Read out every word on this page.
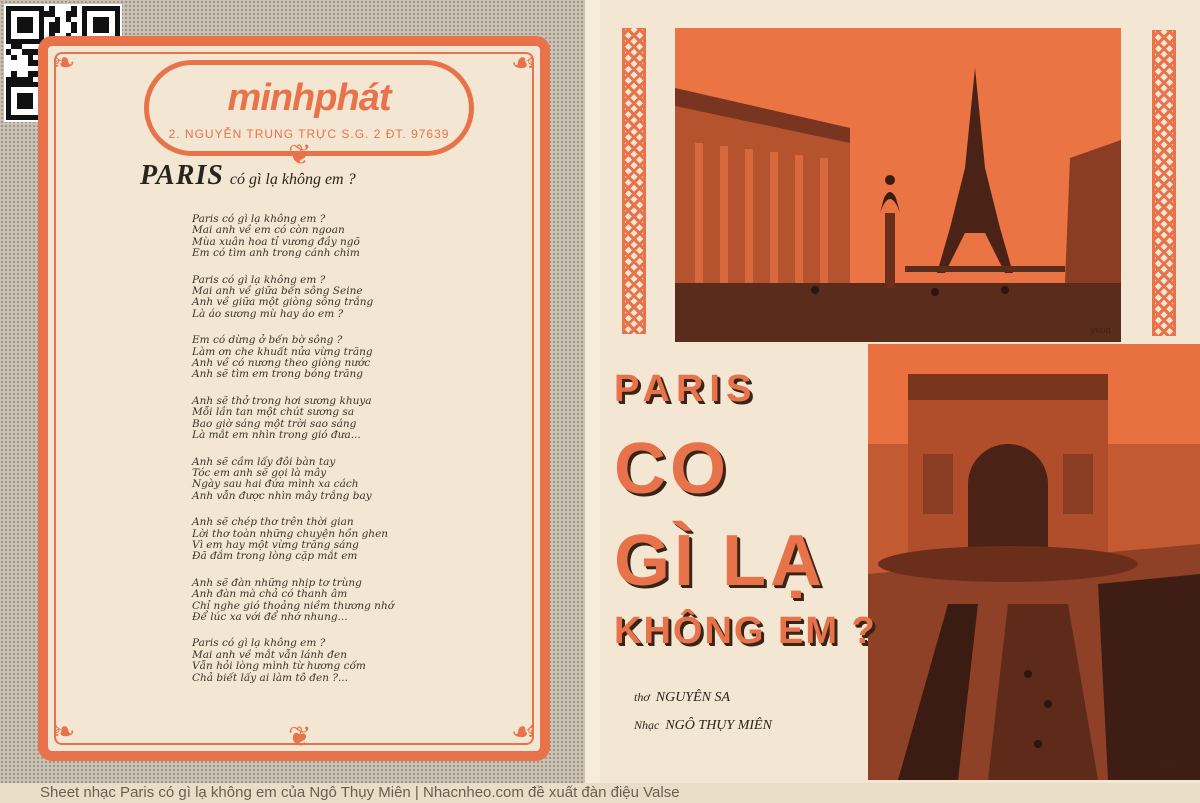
minhphát
2. NGUYỄN TRUNG TRỰC S.G. 2 ĐT. 97639
❦
❦
❧	☙
❧	☙
PARIS có gì lạ không em ?
Paris có gì lạ không em ?
Mai anh về em có còn ngoan
Mùa xuân hoa tỉ vương đầy ngõ
Em có tìm anh trong cánh chim
Paris có gì lạ không em ?
Mai anh về giữa bến sông Seine
Anh về giữa một giòng sông trắng
Là áo sương mù hay áo em ?
Em có dừng ở bến bờ sông ?
Làm ơn che khuất nửa vừng trăng
Anh về có nương theo giòng nước
Anh sẽ tìm em trong bóng trăng
Anh sẽ thở trong hơi sương khuya
Mỗi lần tan một chút sương sa
Bao giờ sáng một trời sao sáng
Là mắt em nhìn trong gió đưa...
Anh sẽ cầm lấy đôi bàn tay
Tóc em anh sẽ gọi là mây
Ngày sau hai đứa mình xa cách
Anh vẫn được nhìn mây trắng bay
Anh sẽ chép thơ trên thời gian
Lời thơ toàn những chuyện hồn ghen
Vì em hay một vừng trăng sáng
Đã đắm trong lòng cặp mắt em
Anh sẽ đàn những nhịp tơ trùng
Anh đàn mà chả có thanh âm
Chỉ nghe gió thoảng niềm thương nhớ
Để lúc xa với để nhớ nhung...
Paris có gì lạ không em ?
Mai anh về mắt vẫn lánh đen
Vẫn hỏi lòng mình từ hương cốm
Chả biết lấy ai làm tô đen ?...
yvon
yvon
PARIS
CO
GÌ LẠ
KHÔNG EM ?
thơ NGUYÊN SA
Nhạc NGÔ THỤY MIÊN
Sheet nhạc Paris có gì lạ không em của Ngô Thụy Miên | Nhacnheo.com đề xuất đàn điệu Valse
